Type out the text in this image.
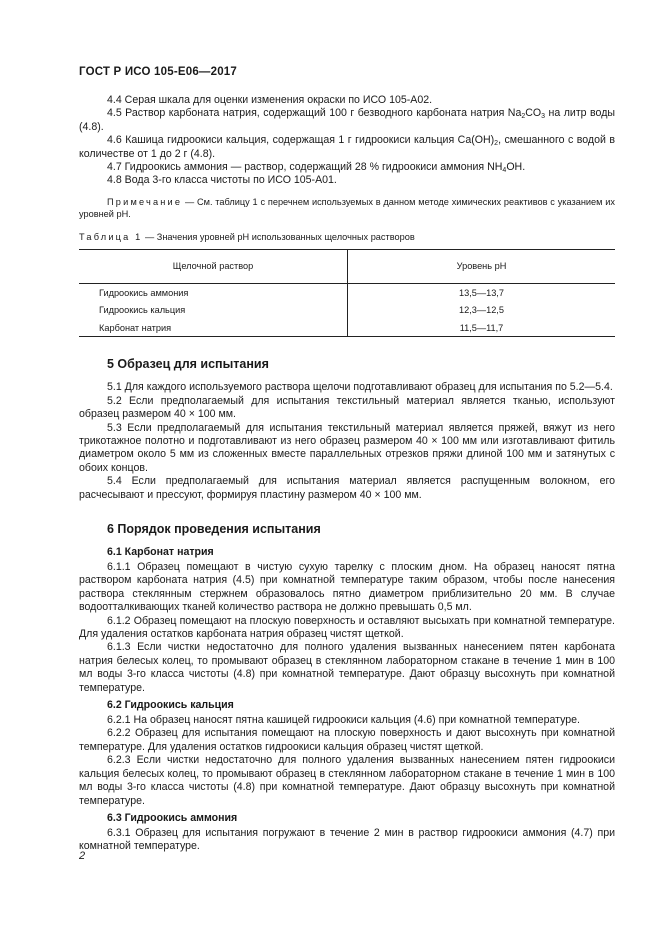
ГОСТ Р ИСО 105-Е06—2017

4.4 Серая шкала для оценки изменения окраски по ИСО 105-А02.

4.5 Раствор карбоната натрия, содержащий 100 г безводного карбоната натрия $Na_2CO_3$ на литр воды (4.8).

4.6 Кашица гидроокиси кальция, содержащая 1 г гидроокиси кальция $Ca(OH)_2$, смешанного с водой в количестве от 1 до 2 г (4.8).

4.7 Гидроокись аммония — раствор, содержащий 28 % гидроокиси аммония $NH_4OH$.

4.8 Вода 3-го класса чистоты по ИСО 105-А01.

Примечание — См. таблицу 1 с перечнем используемых в данном методе химических реактивов с указанием их уровней pH.

Таблица 1 — Значения уровней pH использованных щелочных растворов

Щелочной раствор	Уровень pH
Гидроокись аммония	13,5—13,7
Гидроокись кальция	12,3—12,5
Карбонат натрия	11,5—11,7
5 Образец для испытания

5.1 Для каждого используемого раствора щелочи подготавливают образец для испытания по 5.2—5.4.

5.2 Если предполагаемый для испытания текстильный материал является тканью, используют образец размером 40 × 100 мм.

5.3 Если предполагаемый для испытания текстильный материал является пряжей, вяжут из него трикотажное полотно и подготавливают из него образец размером 40 × 100 мм или изготавливают фитиль диаметром около 5 мм из сложенных вместе параллельных отрезков пряжи длиной 100 мм и затянутых с обоих концов.

5.4 Если предполагаемый для испытания материал является распущенным волокном, его расчесывают и прессуют, формируя пластину размером 40 × 100 мм.

6 Порядок проведения испытания
6.1 Карбонат натрия

6.1.1 Образец помещают в чистую сухую тарелку с плоским дном. На образец наносят пятна раствором карбоната натрия (4.5) при комнатной температуре таким образом, чтобы после нанесения раствора стеклянным стержнем образовалось пятно диаметром приблизительно 20 мм. В случае водоотталкивающих тканей количество раствора не должно превышать 0,5 мл.

6.1.2 Образец помещают на плоскую поверхность и оставляют высыхать при комнатной температуре. Для удаления остатков карбоната натрия образец чистят щеткой.

6.1.3 Если чистки недостаточно для полного удаления вызванных нанесением пятен карбоната натрия белесых колец, то промывают образец в стеклянном лабораторном стакане в течение 1 мин в 100 мл воды 3-го класса чистоты (4.8) при комнатной температуре. Дают образцу высохнуть при комнатной температуре.

6.2 Гидроокись кальция

6.2.1 На образец наносят пятна кашицей гидроокиси кальция (4.6) при комнатной температуре.

6.2.2 Образец для испытания помещают на плоскую поверхность и дают высохнуть при комнатной температуре. Для удаления остатков гидроокиси кальция образец чистят щеткой.

6.2.3 Если чистки недостаточно для полного удаления вызванных нанесением пятен гидроокиси кальция белесых колец, то промывают образец в стеклянном лабораторном стакане в течение 1 мин в 100 мл воды 3-го класса чистоты (4.8) при комнатной температуре. Дают образцу высохнуть при комнатной температуре.

6.3 Гидроокись аммония

6.3.1 Образец для испытания погружают в течение 2 мин в раствор гидроокиси аммония (4.7) при комнатной температуре.

2
